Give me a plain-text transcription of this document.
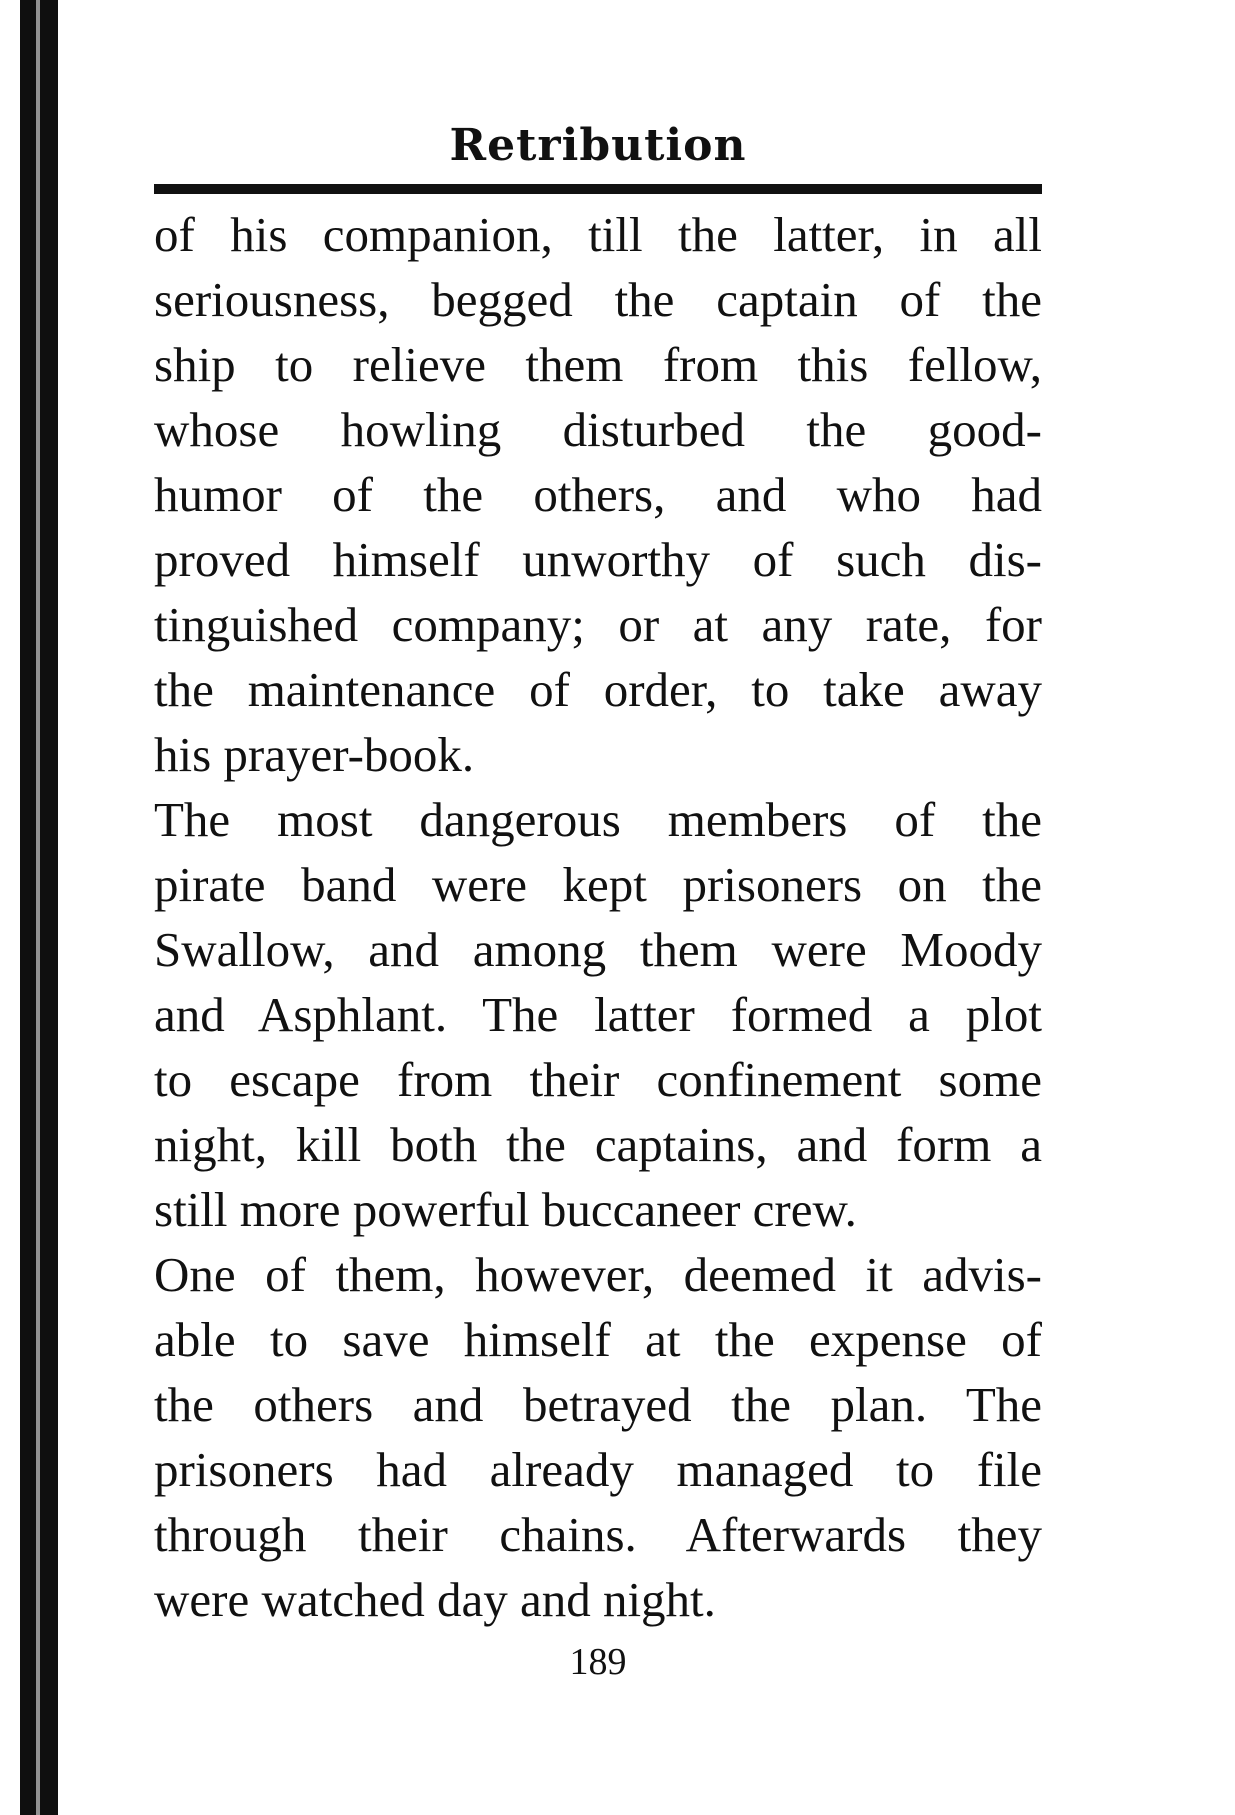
Retribution
of his companion, till the latter, in all
seriousness, begged the captain of the
ship to relieve them from this fellow,
whose howling disturbed the good-
humor of the others, and who had
proved himself unworthy of such dis-
tinguished company; or at any rate, for
the maintenance of order, to take away
his prayer-book.
The most dangerous members of the
pirate band were kept prisoners on the
Swallow, and among them were Moody
and Asphlant. The latter formed a plot
to escape from their confinement some
night, kill both the captains, and form a
still more powerful buccaneer crew.
One of them, however, deemed it advis-
able to save himself at the expense of
the others and betrayed the plan. The
prisoners had already managed to file
through their chains. Afterwards they
were watched day and night.
189
